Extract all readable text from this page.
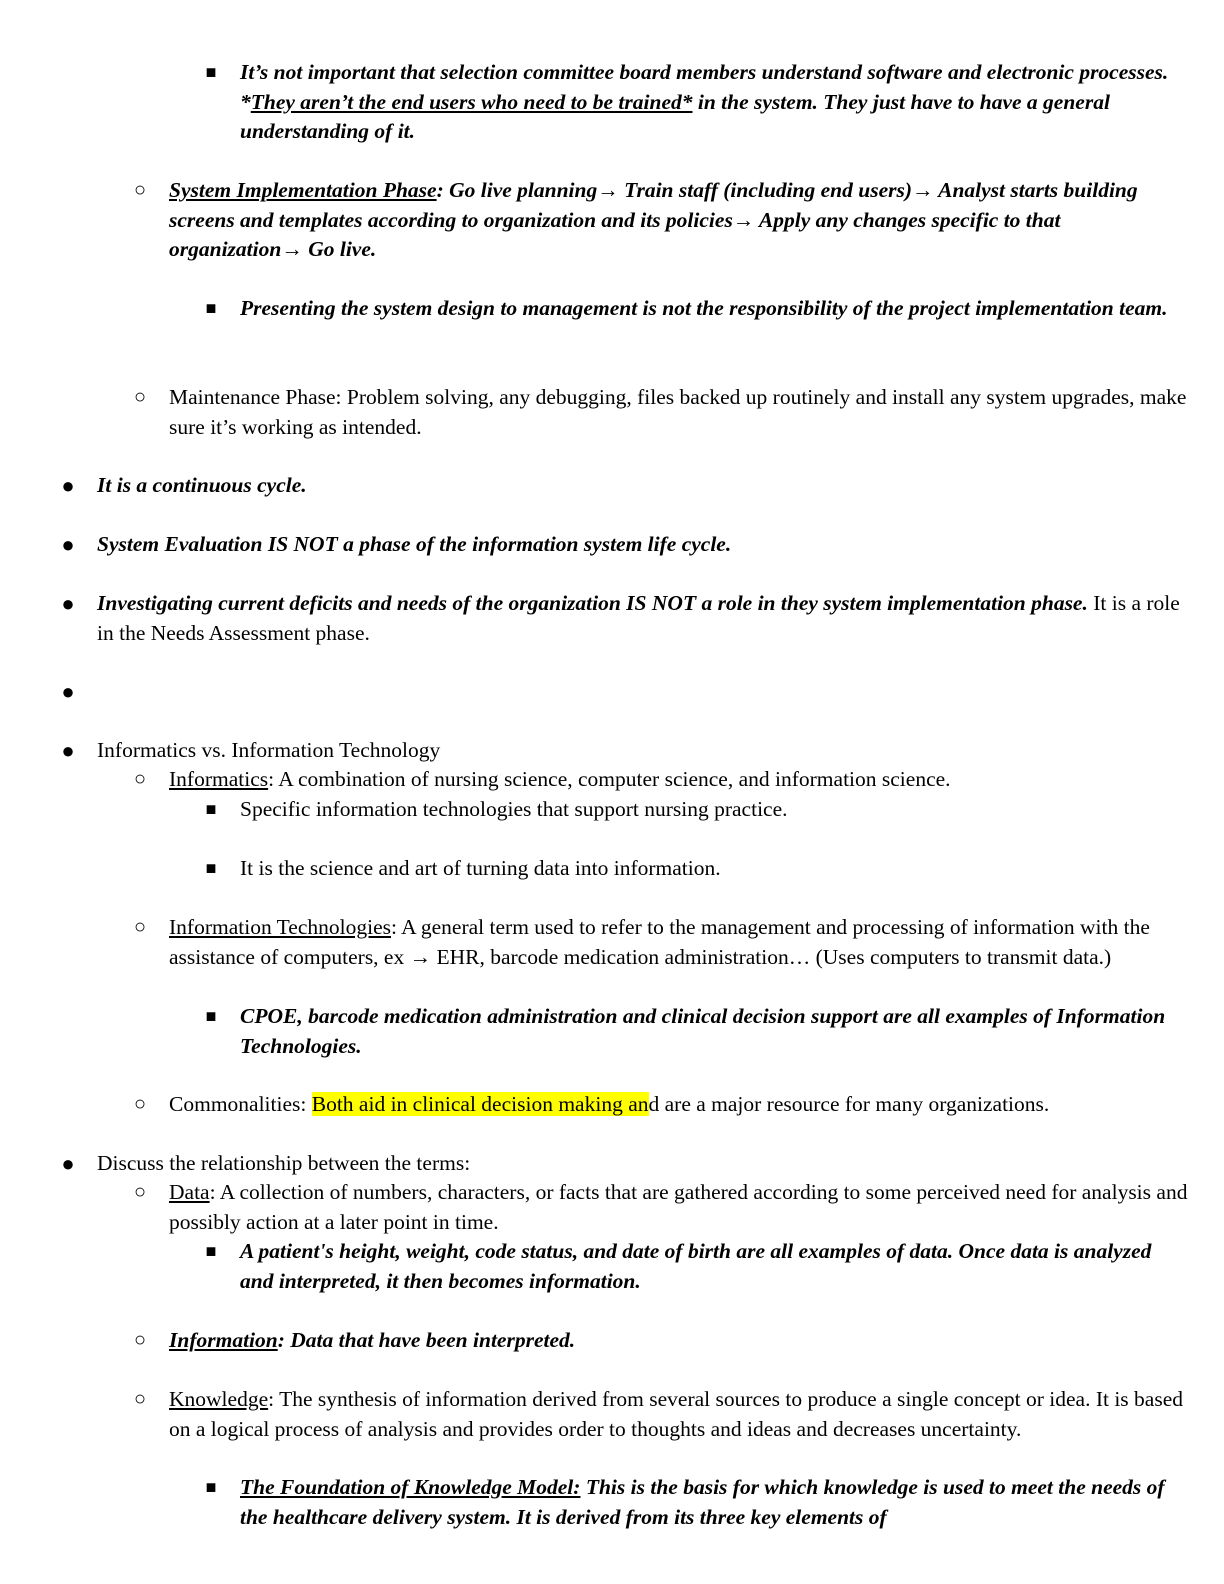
■	It’s not important that selection committee board members understand software and electronic processes. *They aren’t the end users who need to be trained* in the system. They just have to have a general understanding of it.
○ System Implementation Phase: Go live planning→ Train staff (including end users)→ Analyst starts building screens and templates according to organization and its policies→ Apply any changes specific to that organization→ Go live.
■	Presenting the system design to management is not the responsibility of the project implementation team.
○ Maintenance Phase: Problem solving, any debugging, files backed up routinely and install any system upgrades, make sure it’s working as intended.
● It is a continuous cycle.
● System Evaluation IS NOT a phase of the information system life cycle.
● Investigating current deficits and needs of the organization IS NOT a role in they system implementation phase. It is a role in the Needs Assessment phase.
●
● Informatics vs. Information Technology
○ Informatics: A combination of nursing science, computer science, and information science.
■	Specific information technologies that support nursing practice.
■	It is the science and art of turning data into information.
○ Information Technologies: A general term used to refer to the management and processing of information with the assistance of computers, ex → EHR, barcode medication administration… (Uses computers to transmit data.)
■	CPOE, barcode medication administration and clinical decision support are all examples of Information Technologies.
○ Commonalities: Both aid in clinical decision making and are a major resource for many organizations.
● Discuss the relationship between the terms:
○ Data: A collection of numbers, characters, or facts that are gathered according to some perceived need for analysis and possibly action at a later point in time.
■	A patient's height, weight, code status, and date of birth are all examples of data. Once data is analyzed and interpreted, it then becomes information.
○ Information: Data that have been interpreted.
○ Knowledge: The synthesis of information derived from several sources to produce a single concept or idea. It is based on a logical process of analysis and provides order to thoughts and ideas and decreases uncertainty.
■	The Foundation of Knowledge Model: This is the basis for which knowledge is used to meet the needs of the healthcare delivery system. It is derived from its three key elements of
